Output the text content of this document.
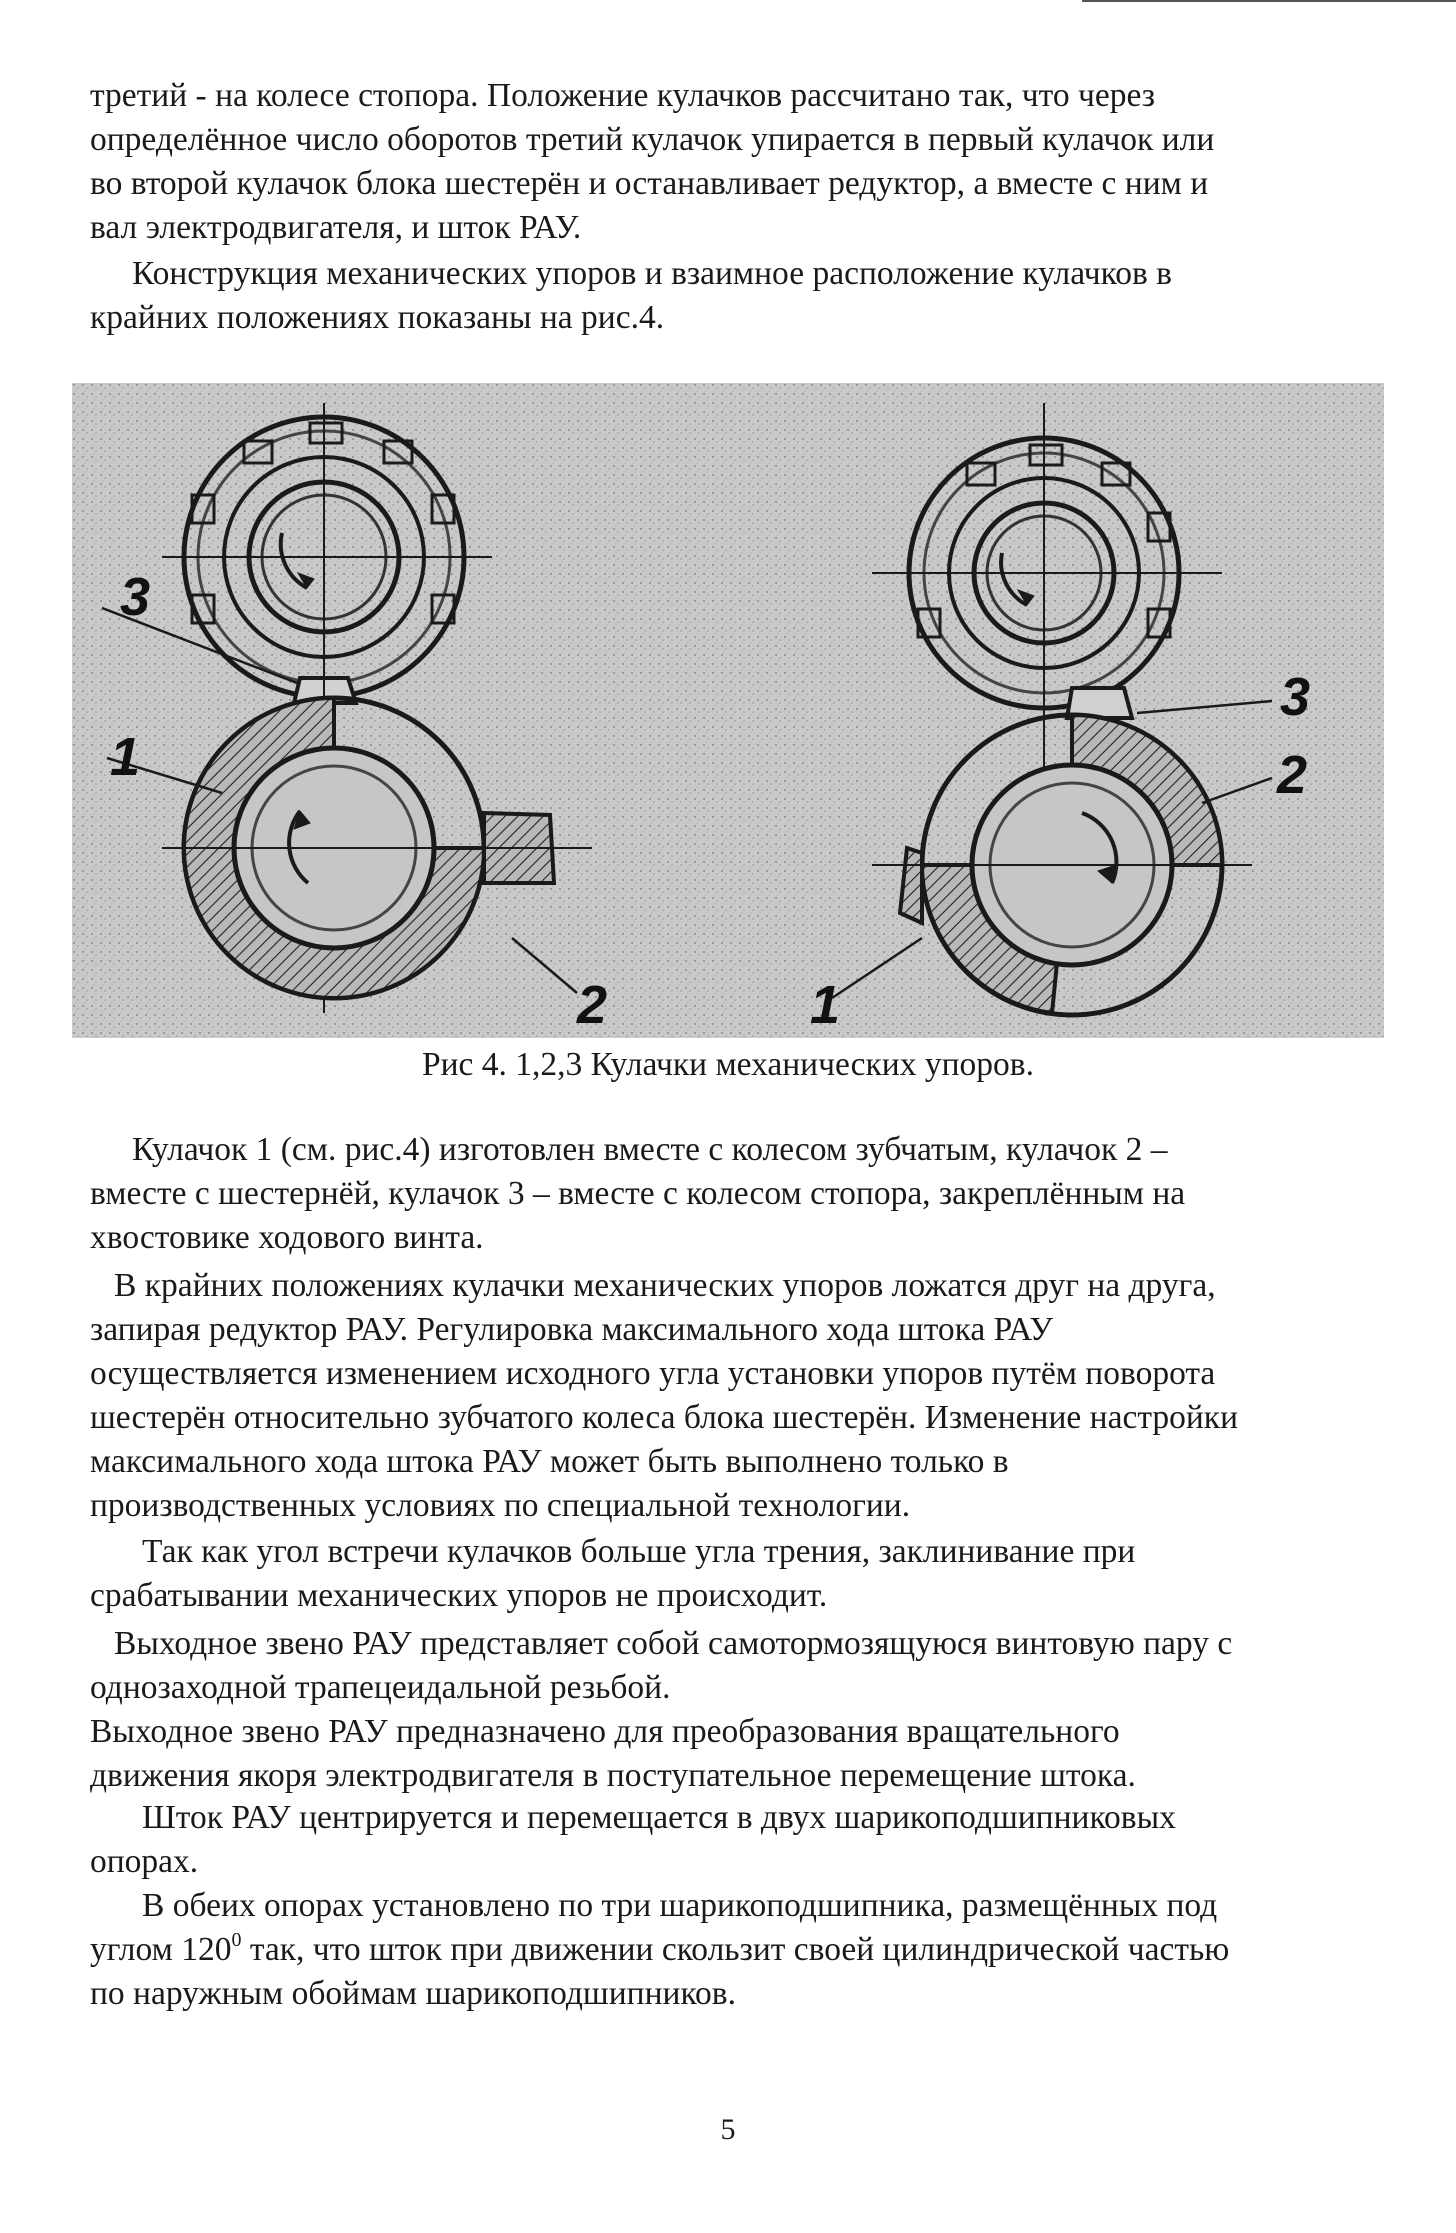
третий - на колесе стопора. Положение кулачков рассчитано так, что через
определённое число оборотов третий кулачок упирается в первый кулачок или
во второй кулачок блока шестерён и останавливает редуктор, а вместе с ним и
вал электродвигателя, и шток РАУ.

Конструкция механических упоров и взаимное расположение кулачков в
крайних положениях показаны на рис.4.

3
1
2
3
2
1
Рис 4. 1,2,3 Кулачки механических упоров.

Кулачок 1 (см. рис.4) изготовлен вместе с колесом зубчатым, кулачок 2 –
вместе с шестернёй, кулачок 3 – вместе с колесом стопора, закреплённым на
хвостовике ходового винта.

В крайних положениях кулачки механических упоров ложатся друг на друга,
запирая редуктор РАУ. Регулировка максимального хода штока РАУ
осуществляется изменением исходного угла установки упоров путём поворота
шестерён относительно зубчатого колеса блока шестерён. Изменение настройки
максимального хода штока РАУ может быть выполнено только в
производственных условиях по специальной технологии.

Так как угол встречи кулачков больше угла трения, заклинивание при
срабатывании механических упоров не происходит.

Выходное звено РАУ представляет собой самотормозящуюся винтовую пару с
однозаходной трапецеидальной резьбой.

Выходное звено РАУ предназначено для преобразования вращательного
движения якоря электродвигателя в поступательное перемещение штока.

Шток РАУ центрируется и перемещается в двух шарикоподшипниковых
опорах.

В обеих опорах установлено по три шарикоподшипника, размещённых под
углом $120^0$ так, что шток при движении скользит своей цилиндрической частью
по наружным обоймам шарикоподшипников.

5
